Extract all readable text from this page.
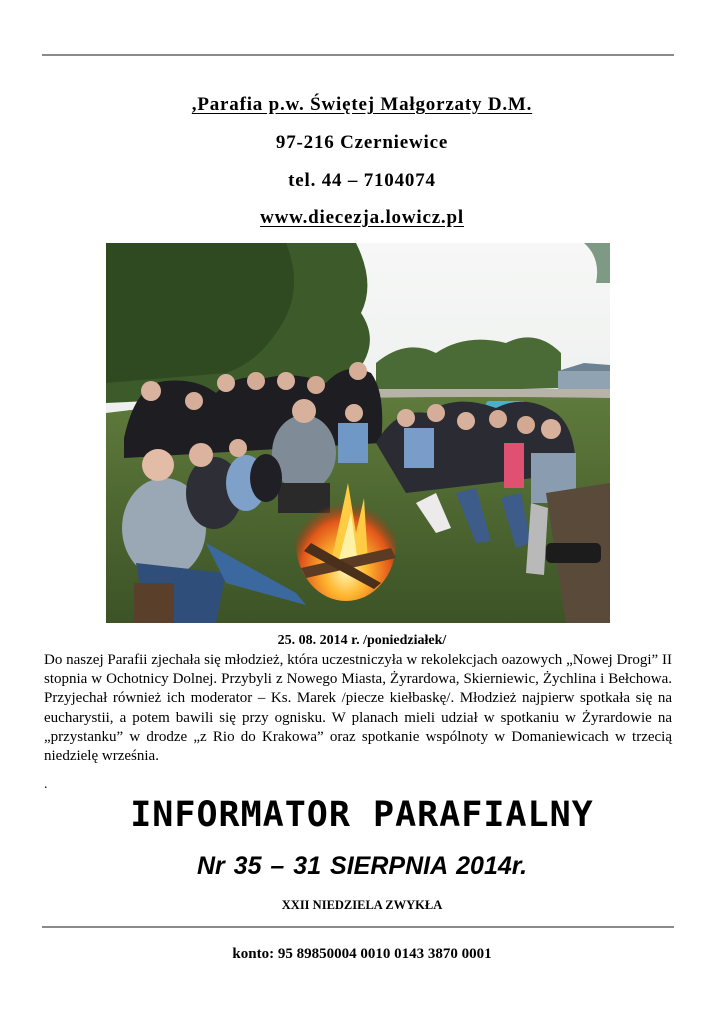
,Parafia p.w. Świętej Małgorzaty D.M.
97-216 Czerniewice
tel. 44 – 7104074
www.diecezja.lowicz.pl
25. 08. 2014 r. /poniedziałek/

Do naszej Parafii zjechała się młodzież, która uczestniczyła w rekolekcjach oazowych „Nowej Drogi” II stopnia w Ochotnicy Dolnej. Przybyli z Nowego Miasta, Żyrardowa, Skierniewic, Żychlina i Bełchowa. Przyjechał również ich moderator – Ks. Marek /piecze kiełbaskę/. Młodzież najpierw spotkała się na eucharystii, a potem bawili się przy ognisku. W planach mieli udział w spotkaniu w Żyrardowie na „przystanku” w drodze „z Rio do Krakowa” oraz spotkanie wspólnoty w Domaniewicach w trzecią niedzielę września.

.
INFORMATOR PARAFIALNY
Nr 35 – 31 SIERPNIA 2014r.
XXII NIEDZIELA ZWYKŁA
konto: 95 89850004 0010 0143 3870 0001
